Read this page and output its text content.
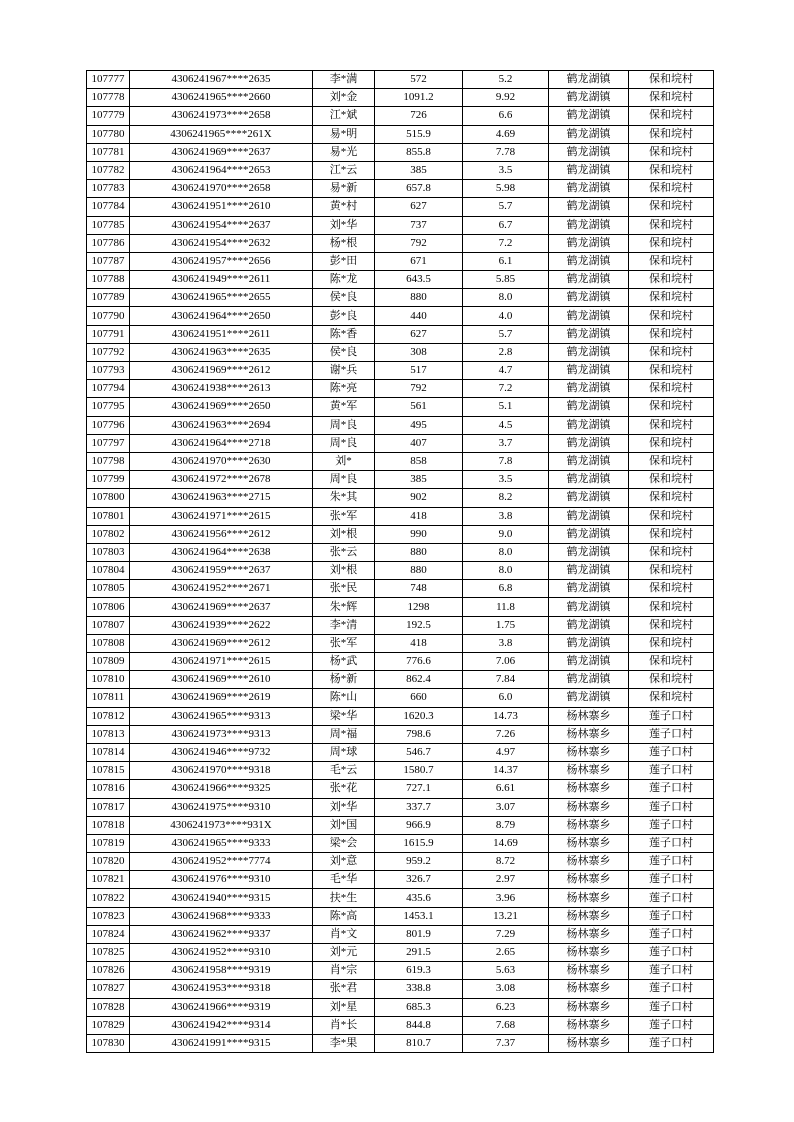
107777	4306241967****2635	李*满	572	5.2	鹤龙湖镇	保和垸村
107778	4306241965****2660	刘*金	1091.2	9.92	鹤龙湖镇	保和垸村
107779	4306241973****2658	江*斌	726	6.6	鹤龙湖镇	保和垸村
107780	4306241965****261X	易*明	515.9	4.69	鹤龙湖镇	保和垸村
107781	4306241969****2637	易*光	855.8	7.78	鹤龙湖镇	保和垸村
107782	4306241964****2653	江*云	385	3.5	鹤龙湖镇	保和垸村
107783	4306241970****2658	易*新	657.8	5.98	鹤龙湖镇	保和垸村
107784	4306241951****2610	黄*村	627	5.7	鹤龙湖镇	保和垸村
107785	4306241954****2637	刘*华	737	6.7	鹤龙湖镇	保和垸村
107786	4306241954****2632	杨*根	792	7.2	鹤龙湖镇	保和垸村
107787	4306241957****2656	彭*田	671	6.1	鹤龙湖镇	保和垸村
107788	4306241949****2611	陈*龙	643.5	5.85	鹤龙湖镇	保和垸村
107789	4306241965****2655	侯*良	880	8.0	鹤龙湖镇	保和垸村
107790	4306241964****2650	彭*良	440	4.0	鹤龙湖镇	保和垸村
107791	4306241951****2611	陈*香	627	5.7	鹤龙湖镇	保和垸村
107792	4306241963****2635	侯*良	308	2.8	鹤龙湖镇	保和垸村
107793	4306241969****2612	谢*兵	517	4.7	鹤龙湖镇	保和垸村
107794	4306241938****2613	陈*亮	792	7.2	鹤龙湖镇	保和垸村
107795	4306241969****2650	黄*军	561	5.1	鹤龙湖镇	保和垸村
107796	4306241963****2694	周*良	495	4.5	鹤龙湖镇	保和垸村
107797	4306241964****2718	周*良	407	3.7	鹤龙湖镇	保和垸村
107798	4306241970****2630	刘*	858	7.8	鹤龙湖镇	保和垸村
107799	4306241972****2678	周*良	385	3.5	鹤龙湖镇	保和垸村
107800	4306241963****2715	朱*其	902	8.2	鹤龙湖镇	保和垸村
107801	4306241971****2615	张*军	418	3.8	鹤龙湖镇	保和垸村
107802	4306241956****2612	刘*根	990	9.0	鹤龙湖镇	保和垸村
107803	4306241964****2638	张*云	880	8.0	鹤龙湖镇	保和垸村
107804	4306241959****2637	刘*根	880	8.0	鹤龙湖镇	保和垸村
107805	4306241952****2671	张*民	748	6.8	鹤龙湖镇	保和垸村
107806	4306241969****2637	朱*辉	1298	11.8	鹤龙湖镇	保和垸村
107807	4306241939****2622	李*清	192.5	1.75	鹤龙湖镇	保和垸村
107808	4306241969****2612	张*军	418	3.8	鹤龙湖镇	保和垸村
107809	4306241971****2615	杨*武	776.6	7.06	鹤龙湖镇	保和垸村
107810	4306241969****2610	杨*新	862.4	7.84	鹤龙湖镇	保和垸村
107811	4306241969****2619	陈*山	660	6.0	鹤龙湖镇	保和垸村
107812	4306241965****9313	梁*华	1620.3	14.73	杨林寨乡	莲子口村
107813	4306241973****9313	周*福	798.6	7.26	杨林寨乡	莲子口村
107814	4306241946****9732	周*球	546.7	4.97	杨林寨乡	莲子口村
107815	4306241970****9318	毛*云	1580.7	14.37	杨林寨乡	莲子口村
107816	4306241966****9325	张*花	727.1	6.61	杨林寨乡	莲子口村
107817	4306241975****9310	刘*华	337.7	3.07	杨林寨乡	莲子口村
107818	4306241973****931X	刘*国	966.9	8.79	杨林寨乡	莲子口村
107819	4306241965****9333	梁*会	1615.9	14.69	杨林寨乡	莲子口村
107820	4306241952****7774	刘*意	959.2	8.72	杨林寨乡	莲子口村
107821	4306241976****9310	毛*华	326.7	2.97	杨林寨乡	莲子口村
107822	4306241940****9315	扶*生	435.6	3.96	杨林寨乡	莲子口村
107823	4306241968****9333	陈*高	1453.1	13.21	杨林寨乡	莲子口村
107824	4306241962****9337	肖*文	801.9	7.29	杨林寨乡	莲子口村
107825	4306241952****9310	刘*元	291.5	2.65	杨林寨乡	莲子口村
107826	4306241958****9319	肖*宗	619.3	5.63	杨林寨乡	莲子口村
107827	4306241953****9318	张*君	338.8	3.08	杨林寨乡	莲子口村
107828	4306241966****9319	刘*星	685.3	6.23	杨林寨乡	莲子口村
107829	4306241942****9314	肖*长	844.8	7.68	杨林寨乡	莲子口村
107830	4306241991****9315	李*果	810.7	7.37	杨林寨乡	莲子口村
